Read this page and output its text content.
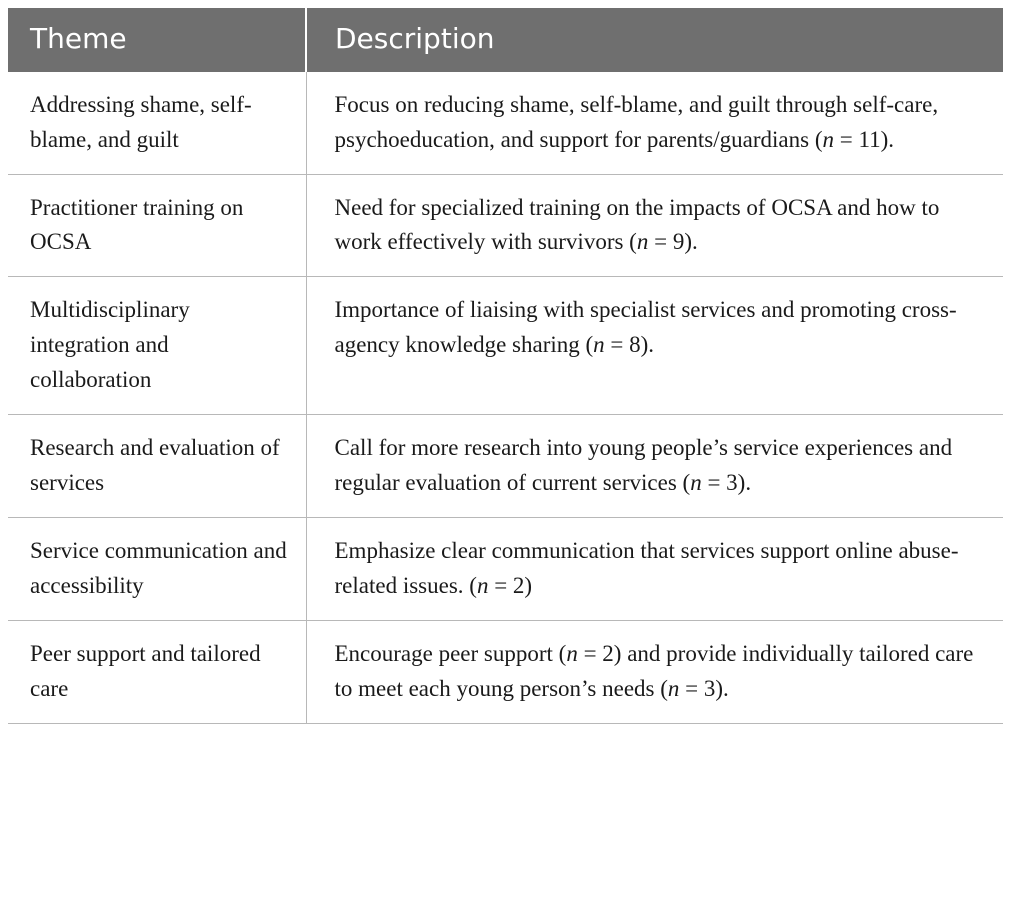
Theme	Description
Addressing shame, self-blame, and guilt	Focus on reducing shame, self-blame, and guilt through self-care, psychoeducation, and support for parents/guardians (n = 11).
Practitioner training on OCSA	Need for specialized training on the impacts of OCSA and how to work effectively with survivors (n = 9).
Multidisciplinary integration and collaboration	Importance of liaising with specialist services and promoting cross-agency knowledge sharing (n = 8).
Research and evaluation of services	Call for more research into young people’s service experiences and regular evaluation of current services (n = 3).
Service communication and accessibility	Emphasize clear communication that services support online abuse-related issues. (n = 2)
Peer support and tailored care	Encourage peer support (n = 2) and provide individually tailored care to meet each young person’s needs (n = 3).
